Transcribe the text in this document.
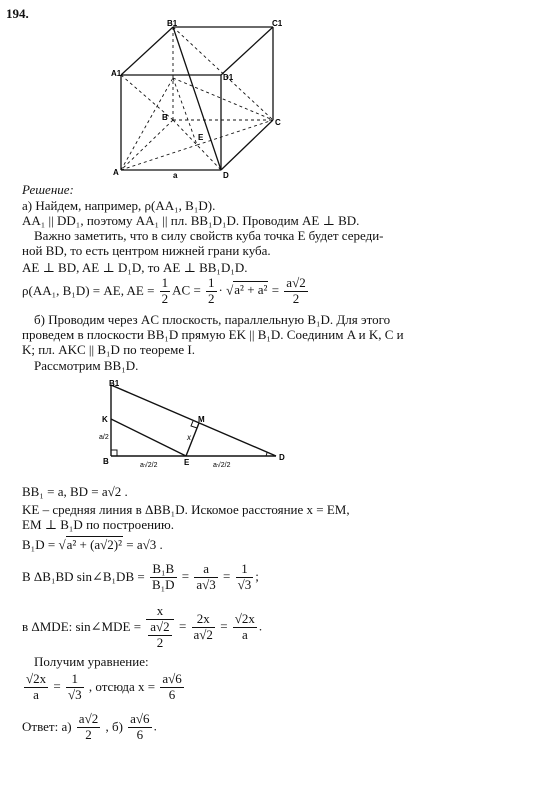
194.
B1	C1
A1	D1
B
E
C
A	a	D
Решение:
а) Найдем, например, ρ(AA₁, B₁D).
AA₁ || DD₁, поэтому AA₁ || пл. BB₁D₁D. Проводим AE ⊥ BD.
Важно заметить, что в силу свойств куба точка E будет середи-
ной BD, то есть центром нижней грани куба.
AE ⊥ BD, AE ⊥ D₁D, то AE ⊥ BB₁D₁D.
ρ(AA₁, B₁D) = AE, AE = $\frac{1}{2}$ AC = $\frac{1}{2} \cdot √a^2 + a^2 = \frac{a√2}{2}$
б) Проводим через AC плоскость, параллельную B₁D. Для этого
проведем в плоскости BB₁D прямую EK || B₁D. Соединим A и K, C и
K; пл. AKC || B₁D по теореме I.
Рассмотрим BB₁D.
B1
K	M
a/2	x
B	E
D
a√2/2	a√2/2
BB₁ = a, BD = a√2 .
KE – средняя линия в ΔBB₁D. Искомое расстояние x = EM,
EM ⊥ B₁D по построению.
B₁D = √a² + (a√2)² = a√3 .
В ΔB₁BD sin∠B₁DB = $\frac{\text{B₁B}}{\text{B₁D}} = \frac{a}{a√3} = \frac{1}{√3}$ ;
в ΔMDE: sin∠MDE = $\frac{x}{\frac{a√2}{2}} = \frac{2x}{a√2} = \frac{√2x}{a}$ .
Получим уравнение:
$\frac{√2x}{a} = \frac{1}{√3}$ , отсюда $x = \frac{a√6}{6}$
Ответ: $а) \frac{a√2}{2}$ , $б) \frac{a√6}{6}$ .
